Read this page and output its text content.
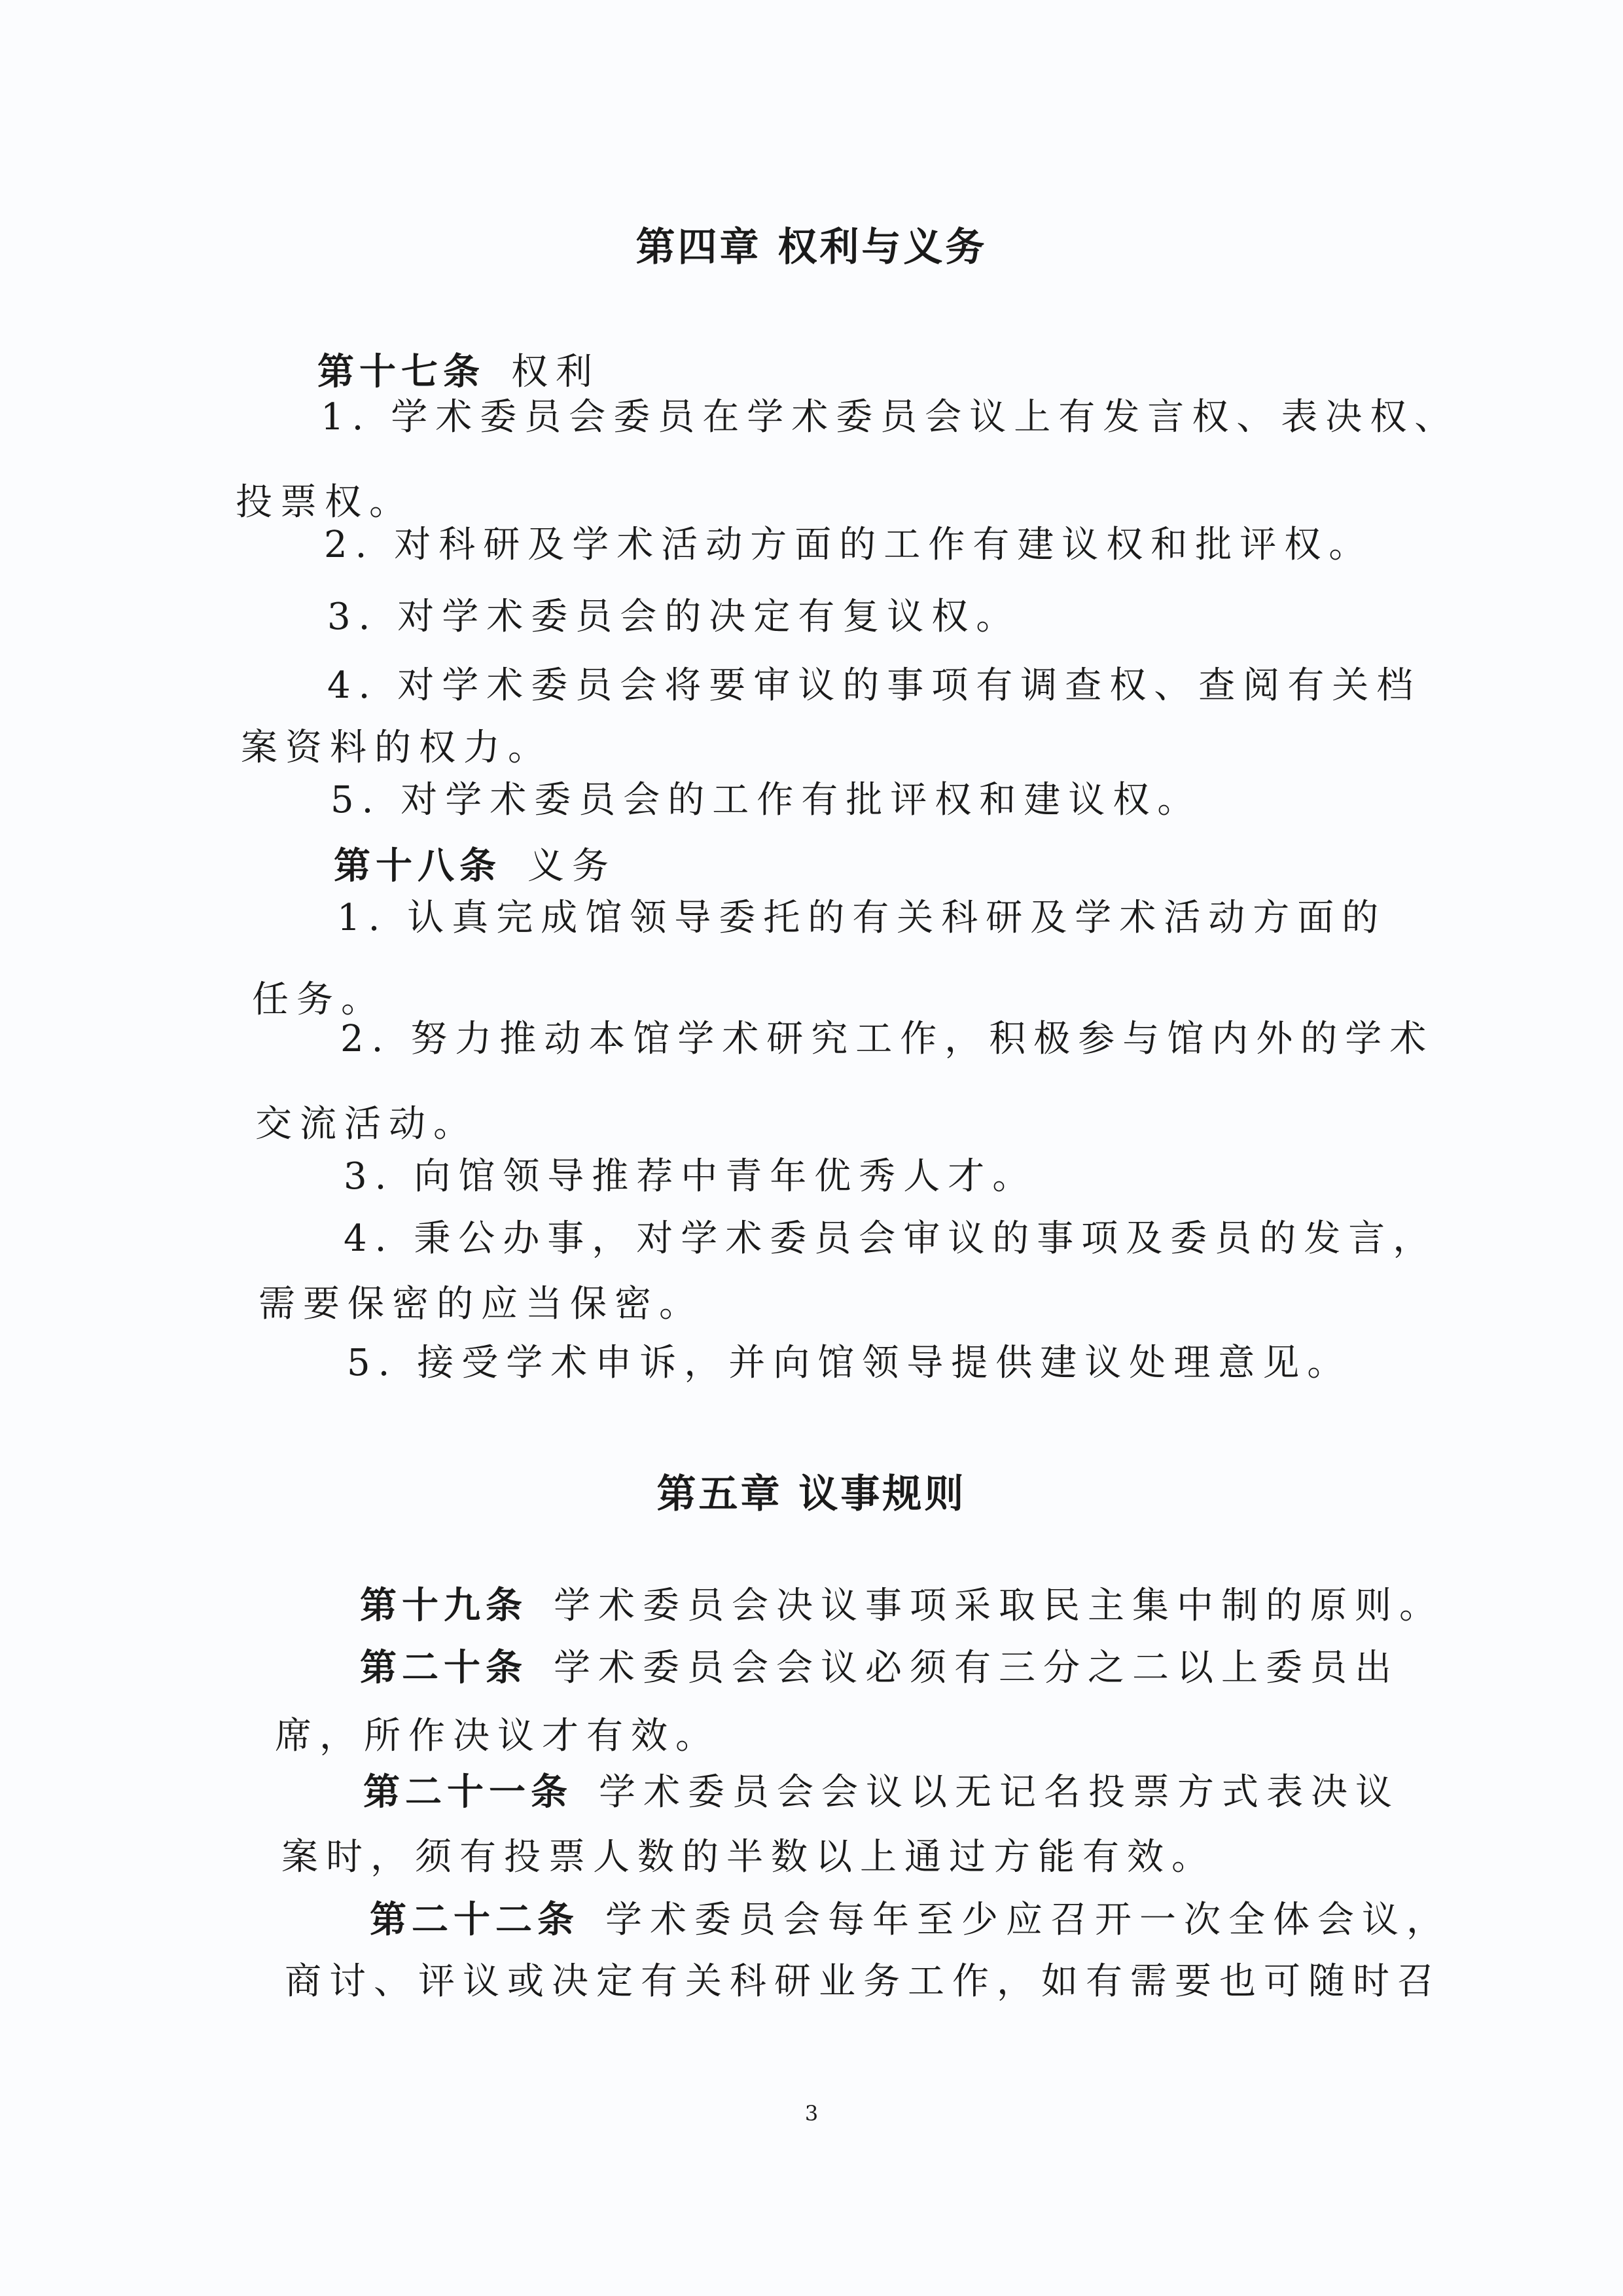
第四章 权利与义务
第十七条 权利
1. 学术委员会委员在学术委员会议上有发言权、表决权、
投票权。
2. 对科研及学术活动方面的工作有建议权和批评权。
3. 对学术委员会的决定有复议权。
4. 对学术委员会将要审议的事项有调查权、查阅有关档
案资料的权力。
5. 对学术委员会的工作有批评权和建议权。
第十八条 义务
1. 认真完成馆领导委托的有关科研及学术活动方面的
任务。
2. 努力推动本馆学术研究工作，积极参与馆内外的学术
交流活动。
3. 向馆领导推荐中青年优秀人才。
4. 秉公办事，对学术委员会审议的事项及委员的发言，
需要保密的应当保密。
5. 接受学术申诉，并向馆领导提供建议处理意见。
第五章 议事规则
第十九条 学术委员会决议事项采取民主集中制的原则。
第二十条 学术委员会会议必须有三分之二以上委员出
席，所作决议才有效。
第二十一条 学术委员会会议以无记名投票方式表决议
案时，须有投票人数的半数以上通过方能有效。
第二十二条 学术委员会每年至少应召开一次全体会议，
商讨、评议或决定有关科研业务工作，如有需要也可随时召
3
